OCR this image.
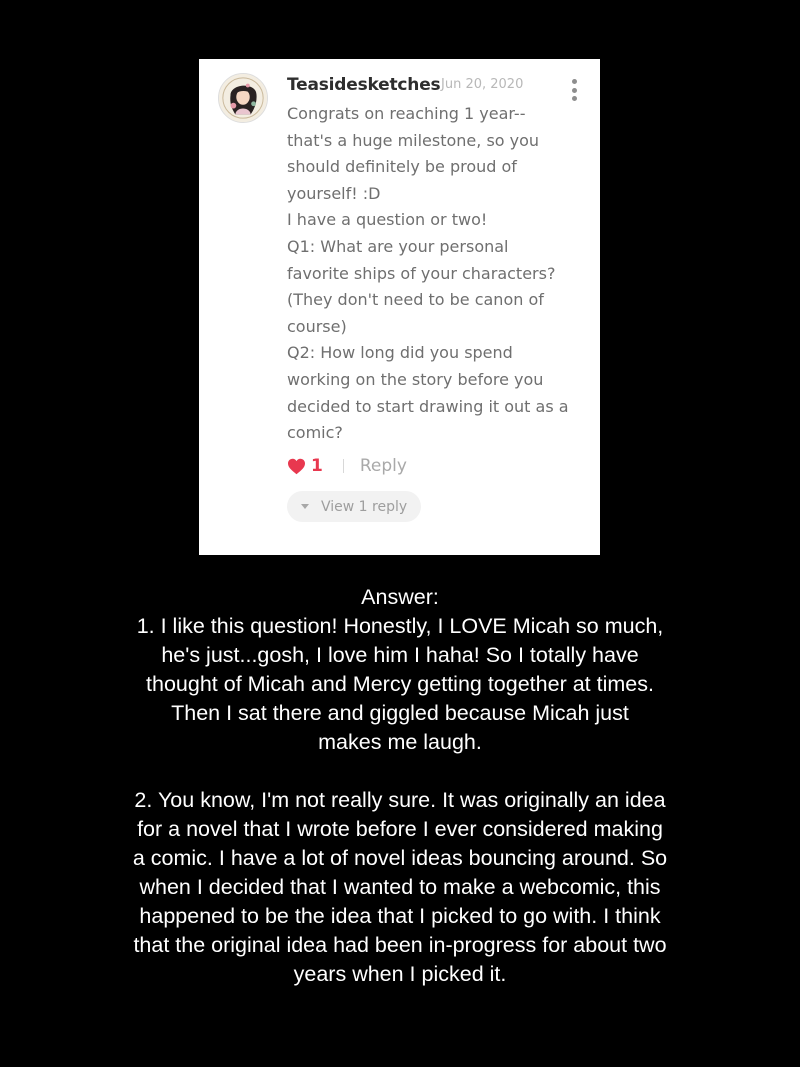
Teasidesketches Jun 20, 2020
Congrats on reaching 1 year--
that's a huge milestone, so you
should definitely be proud of
yourself! :D
I have a question or two!
Q1: What are your personal
favorite ships of your characters?
(They don't need to be canon of
course)
Q2: How long did you spend
working on the story before you
decided to start drawing it out as a
comic?
1 Reply
View 1 reply
Answer:
1. I like this question! Honestly, I LOVE Micah so much,
he's just...gosh, I love him I haha! So I totally have
thought of Micah and Mercy getting together at times.
Then I sat there and giggled because Micah just
makes me laugh.
2. You know, I'm not really sure. It was originally an idea
for a novel that I wrote before I ever considered making
a comic. I have a lot of novel ideas bouncing around. So
when I decided that I wanted to make a webcomic, this
happened to be the idea that I picked to go with. I think
that the original idea had been in-progress for about two
years when I picked it.
